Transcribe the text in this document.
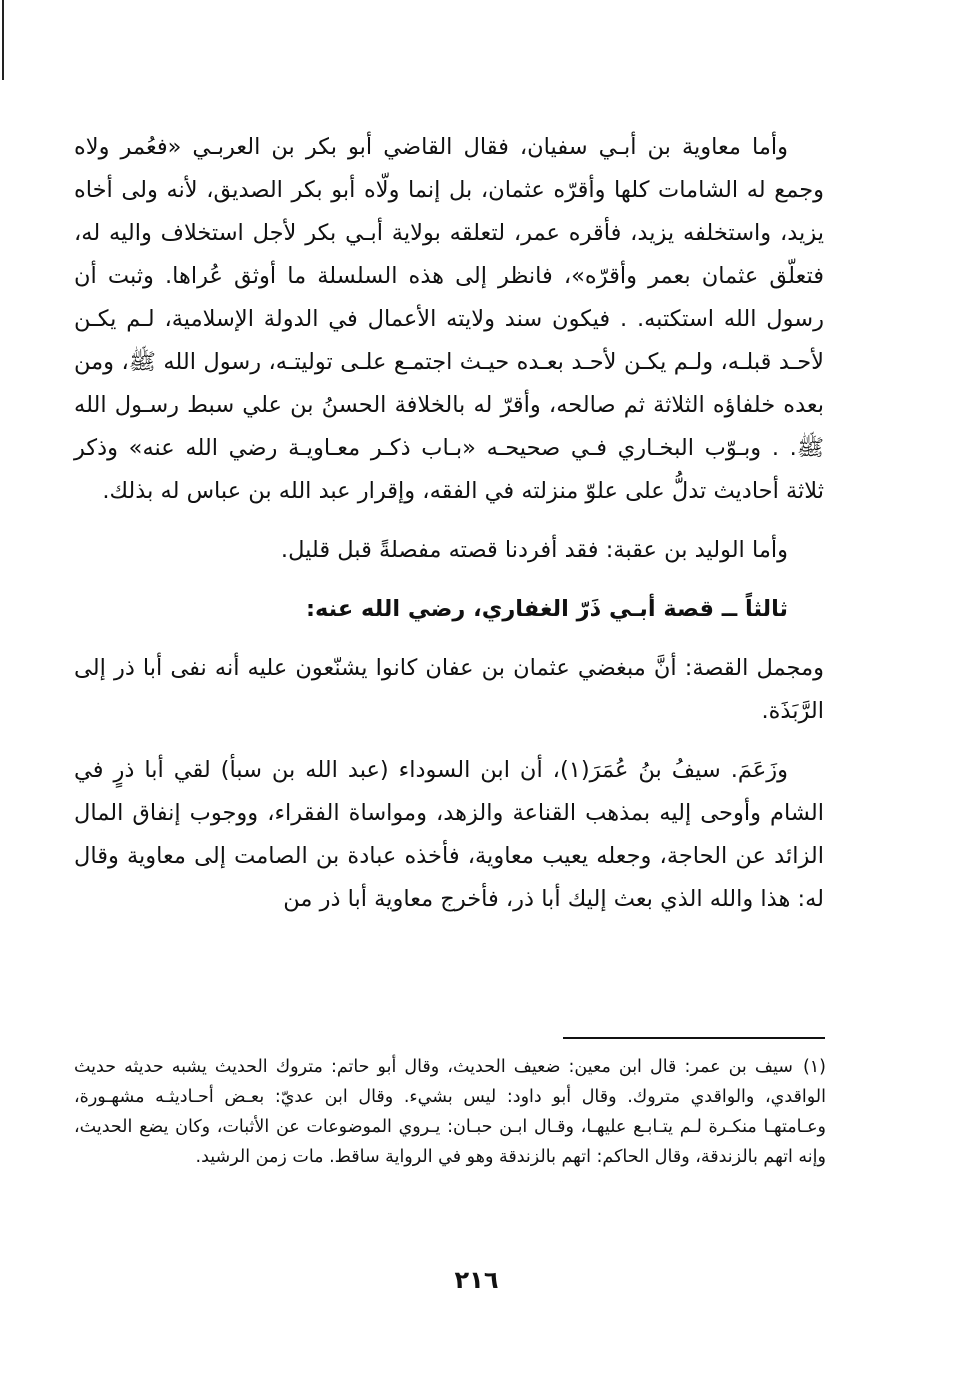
وأما معاوية بن أبـي سفيان، فقال القاضي أبو بكر بن العربـي «فعُمر ولاه وجمع له الشامات كلها وأقرّه عثمان، بل إنما ولّاه أبو بكر الصديق، لأنه ولى أخاه يزيد، واستخلفه يزيد، فأقره عمر، لتعلقه بولاية أبـي بكر لأجل استخلاف واليه له، فتعلّق عثمان بعمر وأقرّه»، فانظر إلى هذه السلسلة ما أوثق عُراها. وثبت أن رسول الله استكتبه. . فيكون سند ولايته الأعمال في الدولة الإسلامية، لـم يكـن لأحـد قبلـه، ولـم يكـن لأحـد بعـده حيـث اجتمـع علـى توليتـه، رسول الله ﷺ، ومن بعده خلفاؤه الثلاثة ثم صالحه، وأقرّ له بالخلافة الحسنُ بن علي سبط رسـول الله ﷺ. . وبـوّب البخـاري فـي صحيحـه «بـاب ذكـر معـاويـة رضي الله عنه» وذكر ثلاثة أحاديث تدلُّ على علوّ منزلته في الفقه، وإقرار عبد الله بن عباس له بذلك.

وأما الوليد بن عقبة: فقد أفردنا قصته مفصلةً قبل قليل.

ثالثاً ــ قصة أبـي ذَرّ الغفاري، رضي الله عنه:

ومجمل القصة: أنَّ مبغضي عثمان بن عفان كانوا يشنّعون عليه أنه نفى أبا ذر إلى الرَّبَذَة.

وزَعَمَ. سيفُ بنُ عُمَرَ(١)، أن ابن السوداء (عبد الله بن سبأ) لقي أبا ذرٍ في الشام وأوحى إليه بمذهب القناعة والزهد، ومواساة الفقراء، ووجوب إنفاق المال الزائد عن الحاجة، وجعله يعيب معاوية، فأخذه عبادة بن الصامت إلى معاوية وقال له: هذا والله الذي بعث إليك أبا ذر، فأخرج معاوية أبا ذر من

(١)سيف بن عمر: قال ابن معين: ضعيف الحديث، وقال أبو حاتم: متروك الحديث يشبه حديثه حديث الواقدي، والواقدي متروك. وقال أبو داود: ليس بشيء. وقال ابن عديّ: بعـض أحـاديثـه مشهـورة، وعـامتهـا منكـرة لـم يتـابـع عليهـا، وقـال ابـن حبـان: يـروي الموضوعات عن الأثبات، وكان يضع الحديث، وإنه اتهم بالزندقة، وقال الحاكم: اتهم بالزندقة وهو في الرواية ساقط. مات زمن الرشيد.
٢١٦
